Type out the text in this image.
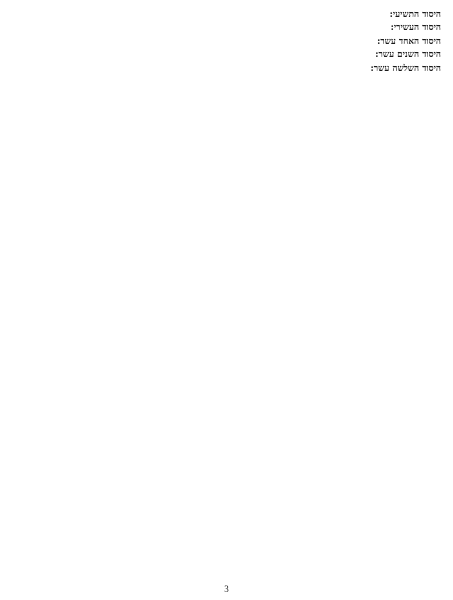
היסוד התשיעי:

היסוד העשירי:

היסוד האחד עשר:

היסוד השנים עשר:

היסוד השלשה עשר:

3
